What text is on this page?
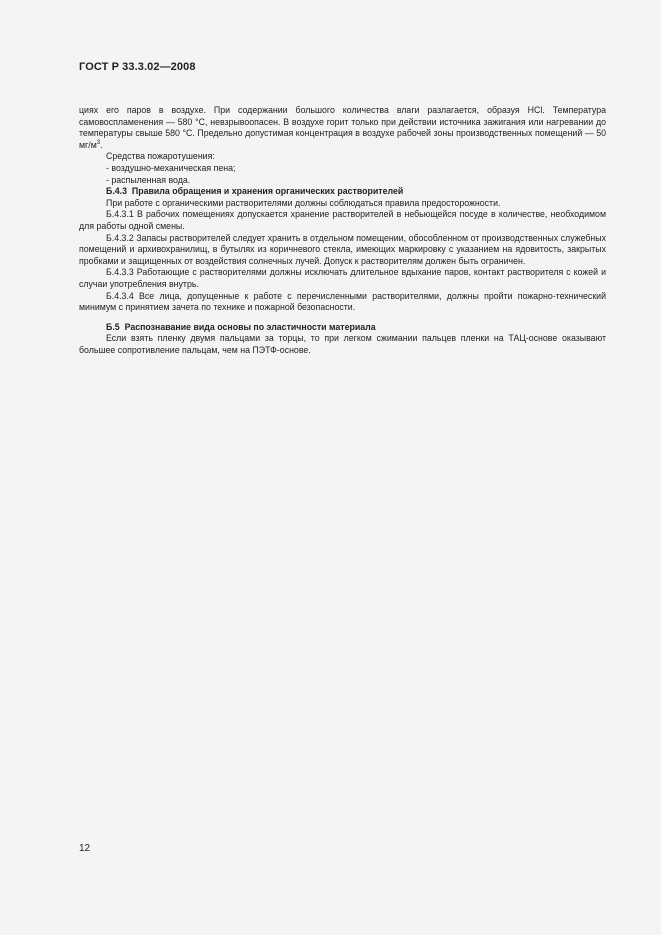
ГОСТ Р 33.3.02—2008

циях его паров в воздухе. При содержании большого количества влаги разлагается, образуя HCl. Температура самовоспламенения — 580 °C, невзрывоопасен. В воздухе горит только при действии источника зажигания или нагревании до температуры свыше 580 °C. Предельно допустимая концентрация в воздухе рабочей зоны производственных помещений — 50 $мг/м^3$.

Средства пожаротушения:

- воздушно-механическая пена;

- распыленная вода.

Б.4.3 Правила обращения и хранения органических растворителей

При работе с органическими растворителями должны соблюдаться правила предосторожности.

Б.4.3.1 В рабочих помещениях допускается хранение растворителей в небьющейся посуде в количестве, необходимом для работы одной смены.

Б.4.3.2 Запасы растворителей следует хранить в отдельном помещении, обособленном от производственных служебных помещений и архивохранилищ, в бутылях из коричневого стекла, имеющих маркировку с указанием на ядовитость, закрытых пробками и защищенных от воздействия солнечных лучей. Допуск к растворителям должен быть ограничен.

Б.4.3.3 Работающие с растворителями должны исключать длительное вдыхание паров, контакт растворителя с кожей и случаи употребления внутрь.

Б.4.3.4 Все лица, допущенные к работе с перечисленными растворителями, должны пройти пожарно-технический минимум с принятием зачета по технике и пожарной безопасности.

Б.5 Распознавание вида основы по эластичности материала

Если взять пленку двумя пальцами за торцы, то при легком сжимании пальцев пленки на ТАЦ-основе оказывают большее сопротивление пальцам, чем на ПЭТФ-основе.

12
